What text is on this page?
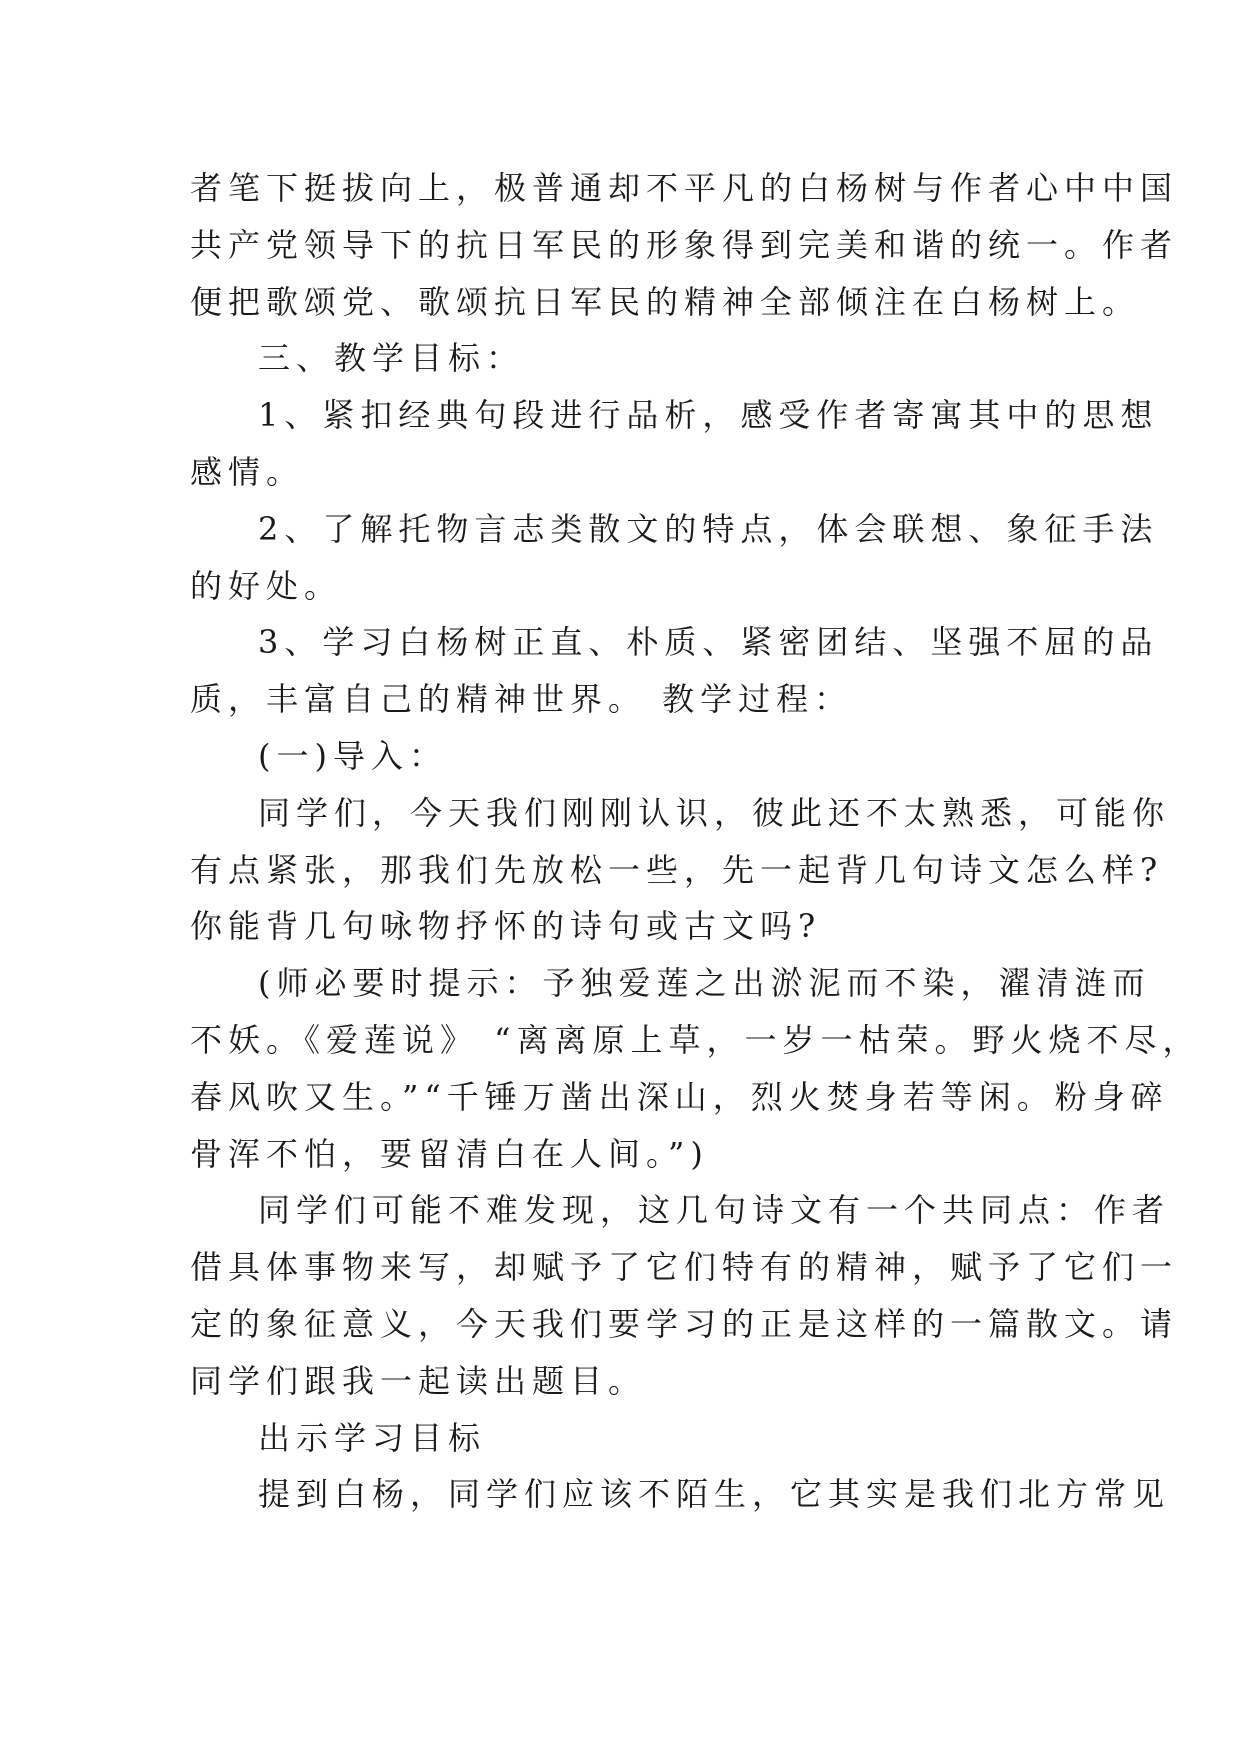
者笔下挺拔向上，极普通却不平凡的白杨树与作者心中中国
共产党领导下的抗日军民的形象得到完美和谐的统一。作者
便把歌颂党、歌颂抗日军民的精神全部倾注在白杨树上。
三、教学目标：
1、紧扣经典句段进行品析，感受作者寄寓其中的思想
感情。
2、了解托物言志类散文的特点，体会联想、象征手法
的好处。
3、学习白杨树正直、朴质、紧密团结、坚强不屈的品
质，丰富自己的精神世界。 教学过程：
(一)导入：
同学们，今天我们刚刚认识，彼此还不太熟悉，可能你
有点紧张，那我们先放松一些，先一起背几句诗文怎么样?
你能背几句咏物抒怀的诗句或古文吗?
(师必要时提示：予独爱莲之出淤泥而不染，濯清涟而
不妖。《爱莲说》 “离离原上草，一岁一枯荣。野火烧不尽，
春风吹又生。”“千锤万凿出深山，烈火焚身若等闲。粉身碎
骨浑不怕，要留清白在人间。”)
同学们可能不难发现，这几句诗文有一个共同点：作者
借具体事物来写，却赋予了它们特有的精神，赋予了它们一
定的象征意义，今天我们要学习的正是这样的一篇散文。请
同学们跟我一起读出题目。
出示学习目标
提到白杨，同学们应该不陌生，它其实是我们北方常见
